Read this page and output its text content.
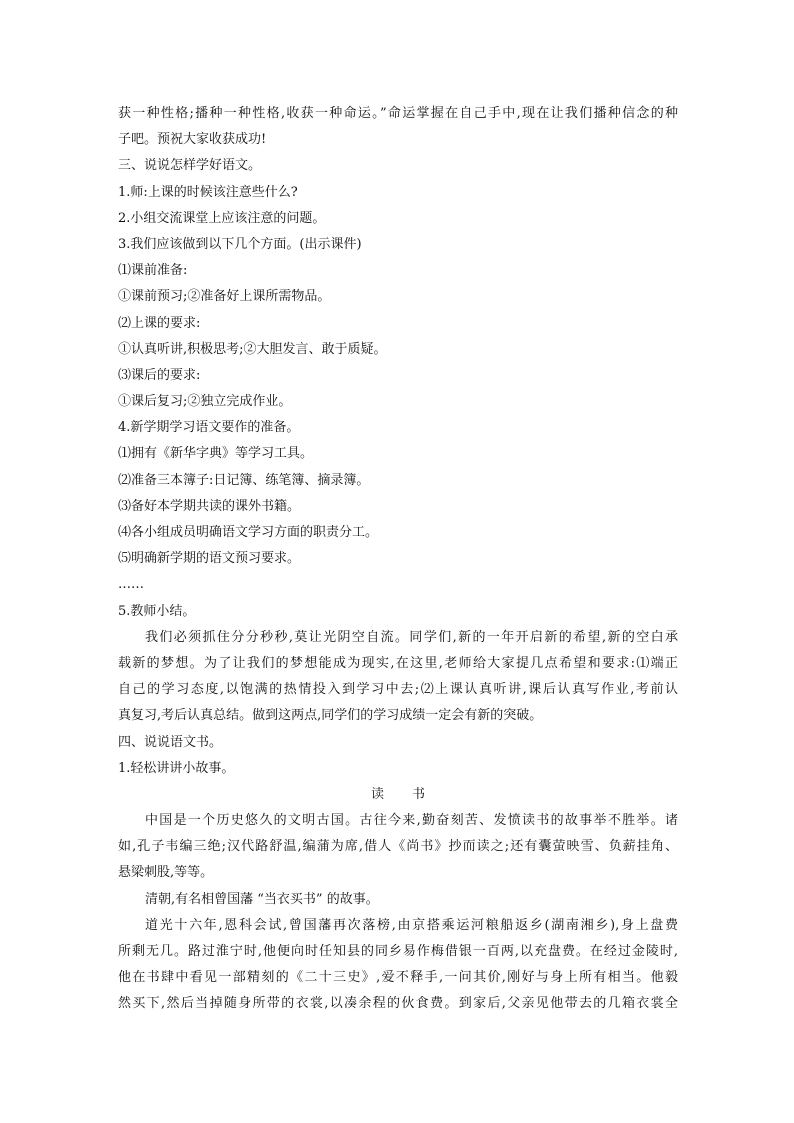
获一种性格;播种一种性格,收获一种命运。”命运掌握在自己手中,现在让我们播种信念的种
子吧。预祝大家收获成功!
三、说说怎样学好语文。
1.师:上课的时候该注意些什么?
2.小组交流课堂上应该注意的问题。
3.我们应该做到以下几个方面。(出示课件)
⑴课前准备:
①课前预习;②准备好上课所需物品。
⑵上课的要求:
①认真听讲,积极思考;②大胆发言、敢于质疑。
⑶课后的要求:
①课后复习;②独立完成作业。
4.新学期学习语文要作的准备。
⑴拥有《新华字典》等学习工具。
⑵准备三本簿子:日记簿、练笔簿、摘录簿。
⑶备好本学期共读的课外书籍。
⑷各小组成员明确语文学习方面的职责分工。
⑸明确新学期的语文预习要求。
……
5.教师小结。
我们必须抓住分分秒秒,莫让光阴空自流。同学们,新的一年开启新的希望,新的空白承
载新的梦想。为了让我们的梦想能成为现实,在这里,老师给大家提几点希望和要求:⑴端正
自己的学习态度,以饱满的热情投入到学习中去;⑵上课认真听讲,课后认真写作业,考前认
真复习,考后认真总结。做到这两点,同学们的学习成绩一定会有新的突破。
四、说说语文书。
1.轻松讲讲小故事。
读 书
中国是一个历史悠久的文明古国。古往今来,勤奋刻苦、发愤读书的故事举不胜举。诸
如,孔子韦编三绝;汉代路舒温,编蒲为席,借人《尚书》抄而读之;还有囊萤映雪、负薪挂角、
悬梁刺股,等等。
清朝,有名相曾国藩 “当衣买书” 的故事。
道光十六年,恩科会试,曾国藩再次落榜,由京搭乘运河粮船返乡(湖南湘乡),身上盘费
所剩无几。路过淮宁时,他便向时任知县的同乡易作梅借银一百两,以充盘费。在经过金陵时,
他在书肆中看见一部精刻的《二十三史》,爱不释手,一问其价,刚好与身上所有相当。他毅
然买下,然后当掉随身所带的衣裳,以凑余程的伙食费。到家后,父亲见他带去的几箱衣裳全
